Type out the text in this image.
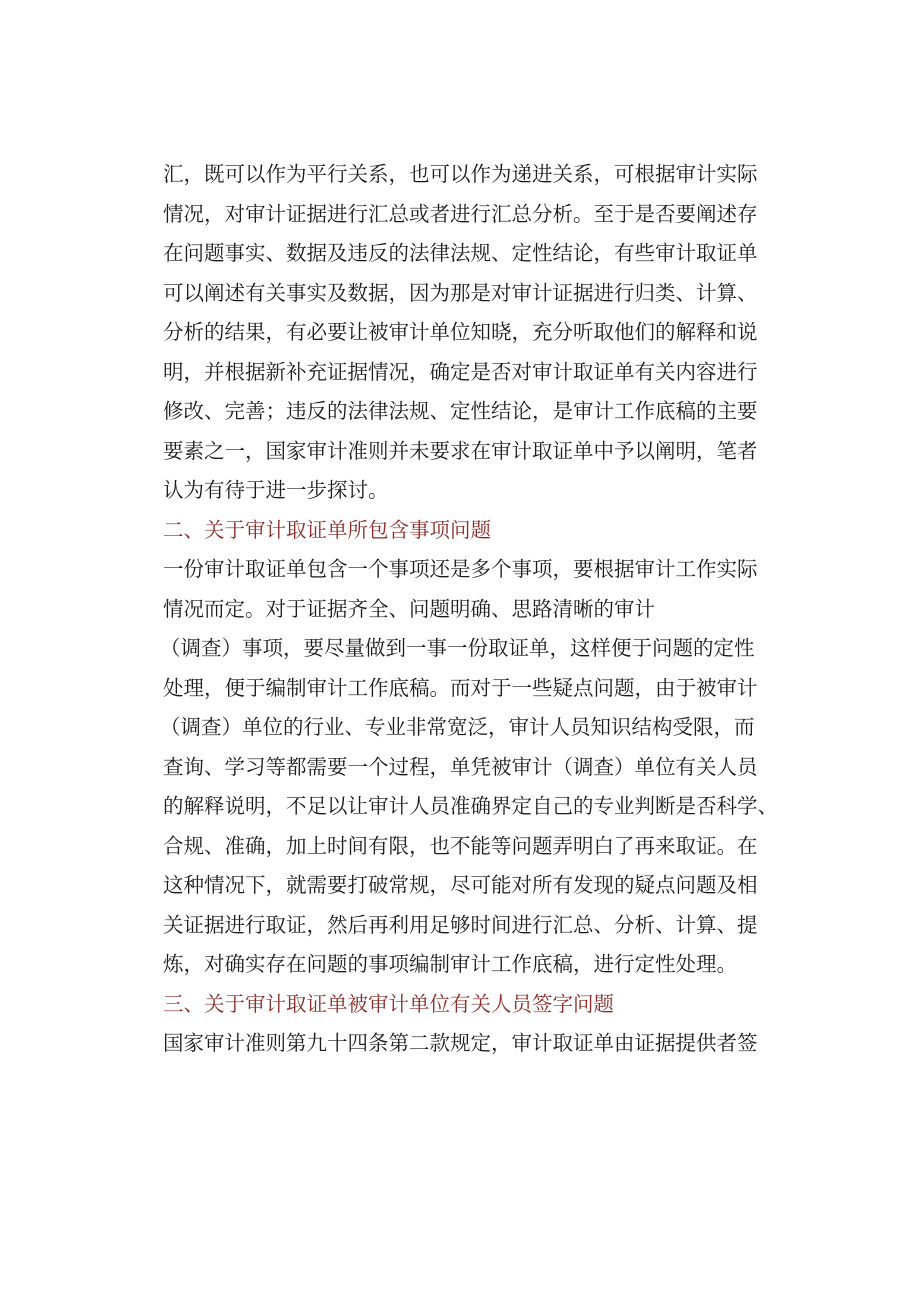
汇，既可以作为平行关系，也可以作为递进关系，可根据审计实际
情况，对审计证据进行汇总或者进行汇总分析。至于是否要阐述存
在问题事实、数据及违反的法律法规、定性结论，有些审计取证单
可以阐述有关事实及数据，因为那是对审计证据进行归类、计算、
分析的结果，有必要让被审计单位知晓，充分听取他们的解释和说
明，并根据新补充证据情况，确定是否对审计取证单有关内容进行
修改、完善；违反的法律法规、定性结论，是审计工作底稿的主要
要素之一，国家审计准则并未要求在审计取证单中予以阐明，笔者
认为有待于进一步探讨。
二、关于审计取证单所包含事项问题
一份审计取证单包含一个事项还是多个事项，要根据审计工作实际
情况而定。对于证据齐全、问题明确、思路清晰的审计
（调查）事项，要尽量做到一事一份取证单，这样便于问题的定性
处理，便于编制审计工作底稿。而对于一些疑点问题，由于被审计
（调查）单位的行业、专业非常宽泛，审计人员知识结构受限，而
查询、学习等都需要一个过程，单凭被审计（调查）单位有关人员
的解释说明，不足以让审计人员准确界定自己的专业判断是否科学、
合规、准确，加上时间有限，也不能等问题弄明白了再来取证。在
这种情况下，就需要打破常规，尽可能对所有发现的疑点问题及相
关证据进行取证，然后再利用足够时间进行汇总、分析、计算、提
炼，对确实存在问题的事项编制审计工作底稿，进行定性处理。
三、关于审计取证单被审计单位有关人员签字问题
国家审计准则第九十四条第二款规定，审计取证单由证据提供者签
